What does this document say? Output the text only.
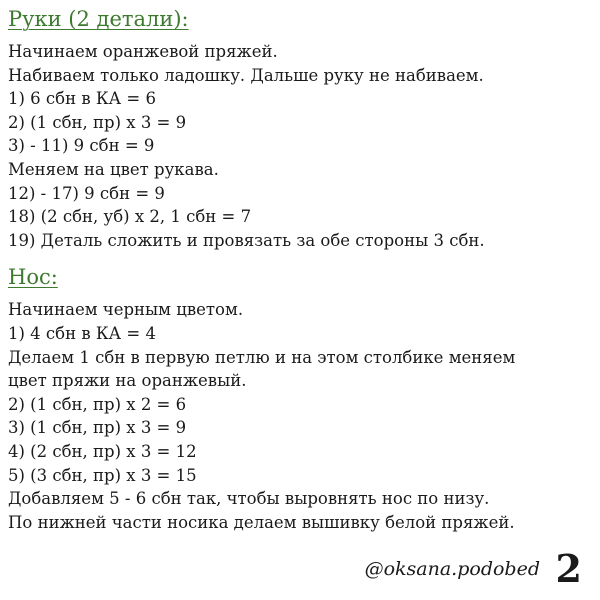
Руки (2 детали):
Начинаем оранжевой пряжей.
Набиваем только ладошку. Дальше руку не набиваем.
1) 6 сбн в КА = 6
2) (1 сбн, пр) х 3 = 9
3) - 11) 9 сбн = 9
Меняем на цвет рукава.
12) - 17) 9 сбн = 9
18) (2 сбн, уб) х 2, 1 сбн = 7
19) Деталь сложить и провязать за обе стороны 3 сбн.
Нос:
Начинаем черным цветом.
1) 4 сбн в КА = 4
Делаем 1 сбн в первую петлю и на этом столбике меняем
цвет пряжи на оранжевый.
2) (1 сбн, пр) х 2 = 6
3) (1 сбн, пр) х 3 = 9
4) (2 сбн, пр) х 3 = 12
5) (3 сбн, пр) х 3 = 15
Добавляем 5 - 6 сбн так, чтобы выровнять нос по низу.
По нижней части носика делаем вышивку белой пряжей.
@oksana.podobed 2
